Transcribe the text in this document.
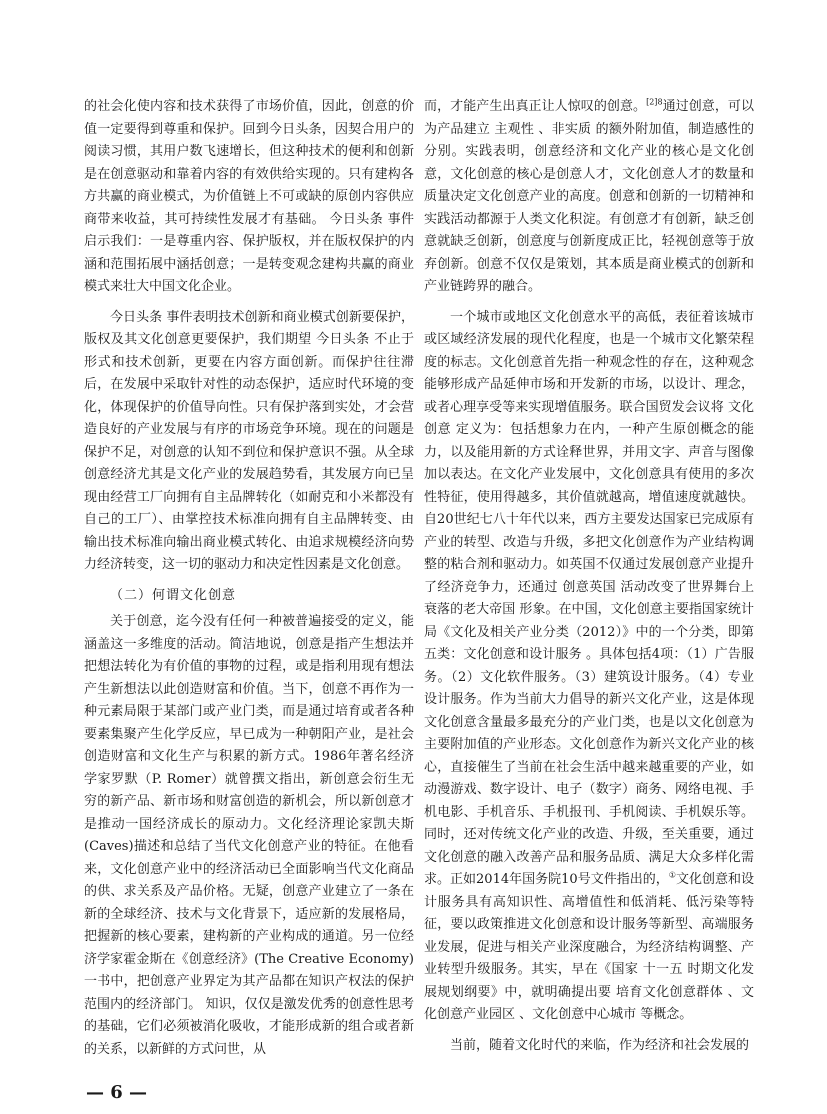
的社会化使内容和技术获得了市场价值，因此，创意的价值一定要得到尊重和保护。回到今日头条，因契合用户的阅读习惯，其用户数飞速增长，但这种技术的便利和创新是在创意驱动和靠着内容的有效供给实现的。只有建构各方共赢的商业模式，为价值链上不可或缺的原创内容供应商带来收益，其可持续性发展才有基础。 今日头条 事件启示我们：一是尊重内容、保护版权，并在版权保护的内涵和范围拓展中涵括创意；一是转变观念建构共赢的商业模式来壮大中国文化企业。

今日头条 事件表明技术创新和商业模式创新要保护，版权及其文化创意更要保护，我们期望 今日头条 不止于形式和技术创新，更要在内容方面创新。而保护往往滞后，在发展中采取针对性的动态保护，适应时代环境的变化，体现保护的价值导向性。只有保护落到实处，才会营造良好的产业发展与有序的市场竞争环境。现在的问题是保护不足，对创意的认知不到位和保护意识不强。从全球创意经济尤其是文化产业的发展趋势看，其发展方向已呈现由经营工厂向拥有自主品牌转化（如耐克和小米都没有自己的工厂）、由掌控技术标准向拥有自主品牌转变、由输出技术标准向输出商业模式转化、由追求规模经济向势力经济转变，这一切的驱动力和决定性因素是文化创意。

（二）何谓文化创意

关于创意，迄今没有任何一种被普遍接受的定义，能涵盖这一多维度的活动。简洁地说，创意是指产生想法并把想法转化为有价值的事物的过程，或是指利用现有想法产生新想法以此创造财富和价值。当下，创意不再作为一种元素局限于某部门或产业门类，而是通过培育或者各种要素集聚产生化学反应，早已成为一种朝阳产业，是社会创造财富和文化生产与积累的新方式。1986年著名经济学家罗默（P. Romer）就曾撰文指出，新创意会衍生无穷的新产品、新市场和财富创造的新机会，所以新创意才是推动一国经济成长的原动力。文化经济理论家凯夫斯(Caves)描述和总结了当代文化创意产业的特征。在他看来，文化创意产业中的经济活动已全面影响当代文化商品的供、求关系及产品价格。无疑，创意产业建立了一条在新的全球经济、技术与文化背景下，适应新的发展格局，把握新的核心要素，建构新的产业构成的通道。另一位经济学家霍金斯在《创意经济》(The Creative Economy)一书中，把创意产业界定为其产品都在知识产权法的保护范围内的经济部门。 知识，仅仅是激发优秀的创意性思考的基础，它们必须被消化吸收，才能形成新的组合或者新的关系，以新鲜的方式问世，从

而，才能产生出真正让人惊叹的创意。$^{[2]8}$通过创意，可以为产品建立 主观性 、非实质 的额外附加值，制造感性的分别。实践表明，创意经济和文化产业的核心是文化创意，文化创意的核心是创意人才，文化创意人才的数量和质量决定文化创意产业的高度。创意和创新的一切精神和实践活动都源于人类文化积淀。有创意才有创新，缺乏创意就缺乏创新，创意度与创新度成正比，轻视创意等于放弃创新。创意不仅仅是策划，其本质是商业模式的创新和产业链跨界的融合。

一个城市或地区文化创意水平的高低，表征着该城市或区域经济发展的现代化程度，也是一个城市文化繁荣程度的标志。文化创意首先指一种观念性的存在，这种观念能够形成产品延伸市场和开发新的市场，以设计、理念，或者心理享受等来实现增值服务。联合国贸发会议将 文化创意 定义为：包括想象力在内，一种产生原创概念的能力，以及能用新的方式诠释世界，并用文字、声音与图像加以表达。在文化产业发展中，文化创意具有使用的多次性特征，使用得越多，其价值就越高，增值速度就越快。自20世纪七八十年代以来，西方主要发达国家已完成原有产业的转型、改造与升级，多把文化创意作为产业结构调整的粘合剂和驱动力。如英国不仅通过发展创意产业提升了经济竞争力，还通过 创意英国 活动改变了世界舞台上 衰落的老大帝国 形象。在中国，文化创意主要指国家统计局《文化及相关产业分类（2012）》中的一个分类，即第五类：文化创意和设计服务 。具体包括4项：（1）广告服务。（2）文化软件服务。（3）建筑设计服务。（4）专业设计服务。作为当前大力倡导的新兴文化产业，这是体现文化创意含量最多最充分的产业门类，也是以文化创意为主要附加值的产业形态。文化创意作为新兴文化产业的核心，直接催生了当前在社会生活中越来越重要的产业，如动漫游戏、数字设计、电子（数字）商务、网络电视、手机电影、手机音乐、手机报刊、手机阅读、手机娱乐等。同时，还对传统文化产业的改造、升级，至关重要，通过文化创意的融入改善产品和服务品质、满足大众多样化需求。正如2014年国务院10号文件指出的，①文化创意和设计服务具有高知识性、高增值性和低消耗、低污染等特征，要以政策推进文化创意和设计服务等新型、高端服务业发展，促进与相关产业深度融合，为经济结构调整、产业转型升级服务。其实，早在《国家 十一五 时期文化发展规划纲要》中，就明确提出要 培育文化创意群体 、文化创意产业园区 、文化创意中心城市 等概念。

当前，随着文化时代的来临，作为经济和社会发展的

— 6 —
